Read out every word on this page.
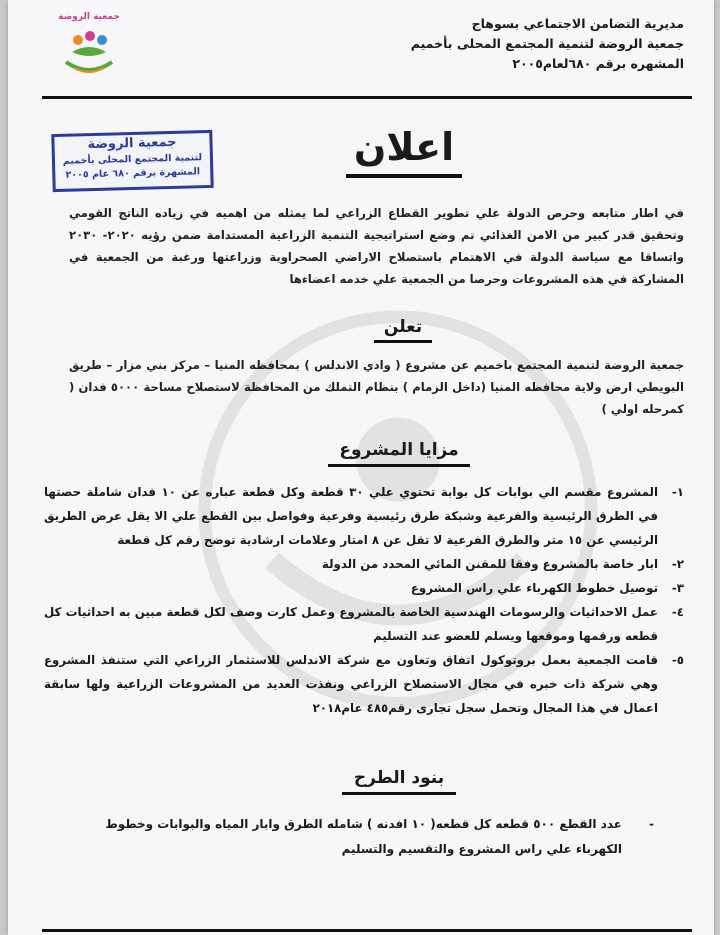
جمعية الروضة	مديرية التضامن الاجتماعي بسوهاج
جمعية الروضة لتنمية المجتمع المحلى بأخميم
المشهره برقم ٦٨٠لعام٢٠٠٥
جمعية الروضة
لتنمية المجتمع المحلى بأخميم
المشهرة برقم ٦٨٠ عام ٢٠٠٥
اعلان
في اطار متابعه وحرص الدولة علي تطوير القطاع الزراعي لما يمثله من اهميه في زياده الناتج القومي وتحقيق قدر كبير من الامن الغذائي تم وضع استراتيجية التنمية الزراعية المستدامة ضمن رؤيه ٢٠٢٠- ٢٠٣٠ واتساقا مع سياسة الدولة في الاهتمام باستصلاح الاراضي الصحراوية وزراعتها ورغبة من الجمعية في المشاركة في هذه المشروعات وحرصا من الجمعية علي خدمه اعضاءها
تعلن
جمعية الروضة لتنمية المجتمع باخميم عن مشروع ( وادي الاندلس ) بمحافظه المنيا – مركز بني مزار – طريق البويطي ارض ولاية محافظه المنيا (داخل الزمام ) بنظام التملك من المحافظة لاستصلاح مساحة ٥٠٠٠ فدان ( كمرحله اولي )
مزايا المشروع
١-
المشروع مقسم الي بوابات كل بوابة تحتوي علي ٣٠ قطعة وكل قطعة عباره عن ١٠ فدان شاملة حصتها في الطرق الرئيسية والفرعية وشبكة طرق رئيسية وفرعية وفواصل بين القطع علي الا يقل عرض الطريق الرئيسي عن ١٥ متر والطرق الفرعية لا تقل عن ٨ امتار وعلامات ارشادية توضح رقم كل قطعة
٢-
ابار خاصة بالمشروع وفقا للمقنن المائي المحدد من الدولة
٣-
توصيل خطوط الكهرباء علي راس المشروع
٤-
عمل الاحداثيات والرسومات الهندسية الخاصة بالمشروع وعمل كارت وصف لكل قطعة مبين به احداثيات كل قطعه ورقمها وموقعها ويسلم للعضو عند التسليم
٥-
قامت الجمعية بعمل بروتوكول اتفاق وتعاون مع شركة الاندلس للاستثمار الزراعي التي ستنفذ المشروع وهي شركة ذات خبره في مجال الاستصلاح الزراعي ونفذت العديد من المشروعات الزراعية ولها سابقة اعمال في هذا المجال وتحمل سجل تجارى رقم٤٨٥ عام٢٠١٨
بنود الطرح
-
عدد القطع ٥٠٠ قطعه كل قطعه( ١٠ افدنه ) شامله الطرق وابار المياه والبوابات وخطوط الكهرباء علي راس المشروع والتقسيم والتسليم
